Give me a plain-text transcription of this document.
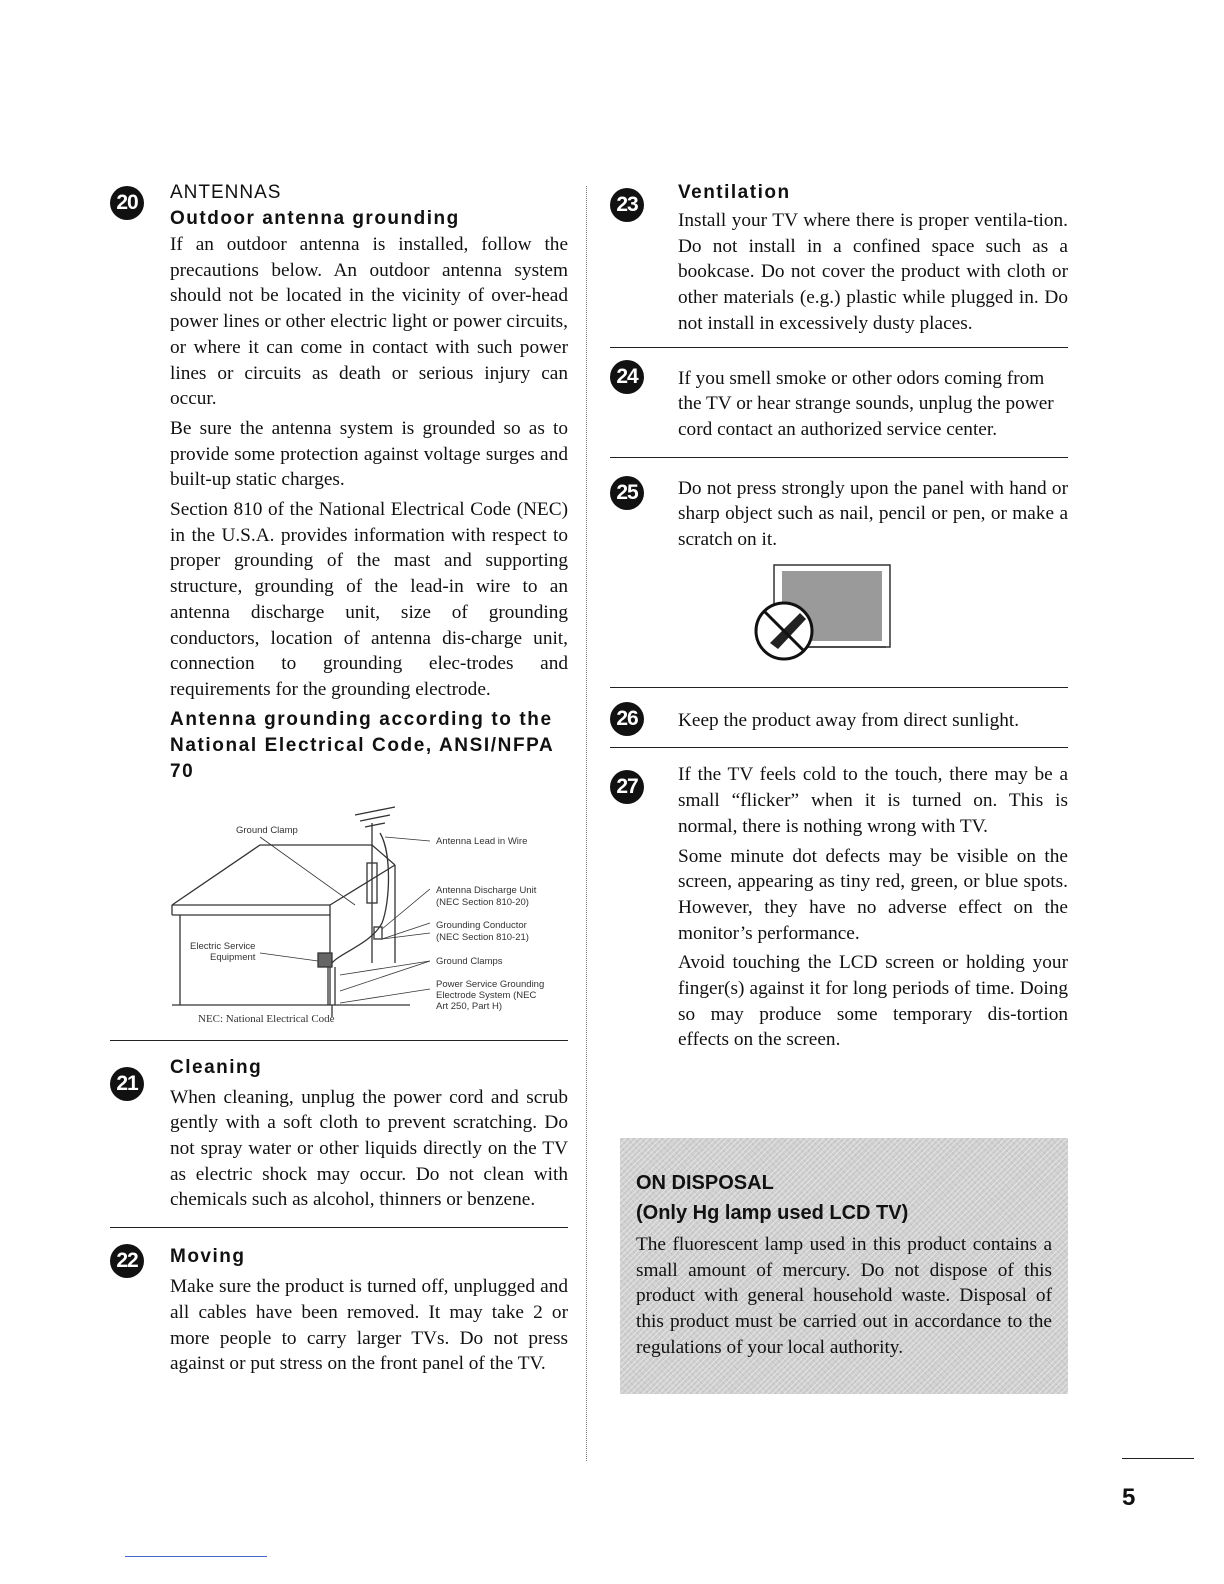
20	ANTENNAS

Outdoor antenna grounding

If an outdoor antenna is installed, follow the precautions below. An outdoor antenna system should not be located in the vicinity of over-head power lines or other electric light or power circuits, or where it can come in contact with such power lines or circuits as death or serious injury can occur.

Be sure the antenna system is grounded so as to provide some protection against voltage surges and built-up static charges.

Section 810 of the National Electrical Code (NEC) in the U.S.A. provides information with respect to proper grounding of the mast and supporting structure, grounding of the lead-in wire to an antenna discharge unit, size of grounding conductors, location of antenna dis-charge unit, connection to grounding elec-trodes and requirements for the grounding electrode.

Antenna grounding according to the National Electrical Code, ANSI/NFPA 70

Ground Clamp
Antenna Lead in Wire
Antenna Discharge Unit
(NEC Section 810-20)
Grounding Conductor
(NEC Section 810-21)
Ground Clamps
Electric Service
Equipment
Power Service Grounding
Electrode System (NEC
Art 250, Part H)
NEC: National Electrical Code
21

Cleaning

When cleaning, unplug the power cord and scrub gently with a soft cloth to prevent scratching. Do not spray water or other liquids directly on the TV as electric shock may occur. Do not clean with chemicals such as alcohol, thinners or benzene.

22	Moving

Make sure the product is turned off, unplugged and all cables have been removed. It may take 2 or more people to carry larger TVs. Do not press against or put stress on the front panel of the TV.

23

Ventilation

Install your TV where there is proper ventila-tion. Do not install in a confined space such as a bookcase. Do not cover the product with cloth or other materials (e.g.) plastic while plugged in. Do not install in excessively dusty places.

24	If you smell smoke or other odors coming from the TV or hear strange sounds, unplug the power cord contact an authorized service center.

25	Do not press strongly upon the panel with hand or sharp object such as nail, pencil or pen, or make a scratch on it.

26	Keep the product away from direct sunlight.

27

If the TV feels cold to the touch, there may be a small “flicker” when it is turned on. This is normal, there is nothing wrong with TV.

Some minute dot defects may be visible on the screen, appearing as tiny red, green, or blue spots. However, they have no adverse effect on the monitor’s performance.

Avoid touching the LCD screen or holding your finger(s) against it for long periods of time. Doing so may produce some temporary dis-tortion effects on the screen.

ON DISPOSAL

(Only Hg lamp used LCD TV)

The fluorescent lamp used in this product contains a small amount of mercury. Do not dispose of this product with general household waste. Disposal of this product must be carried out in accordance to the regulations of your local authority.

5
